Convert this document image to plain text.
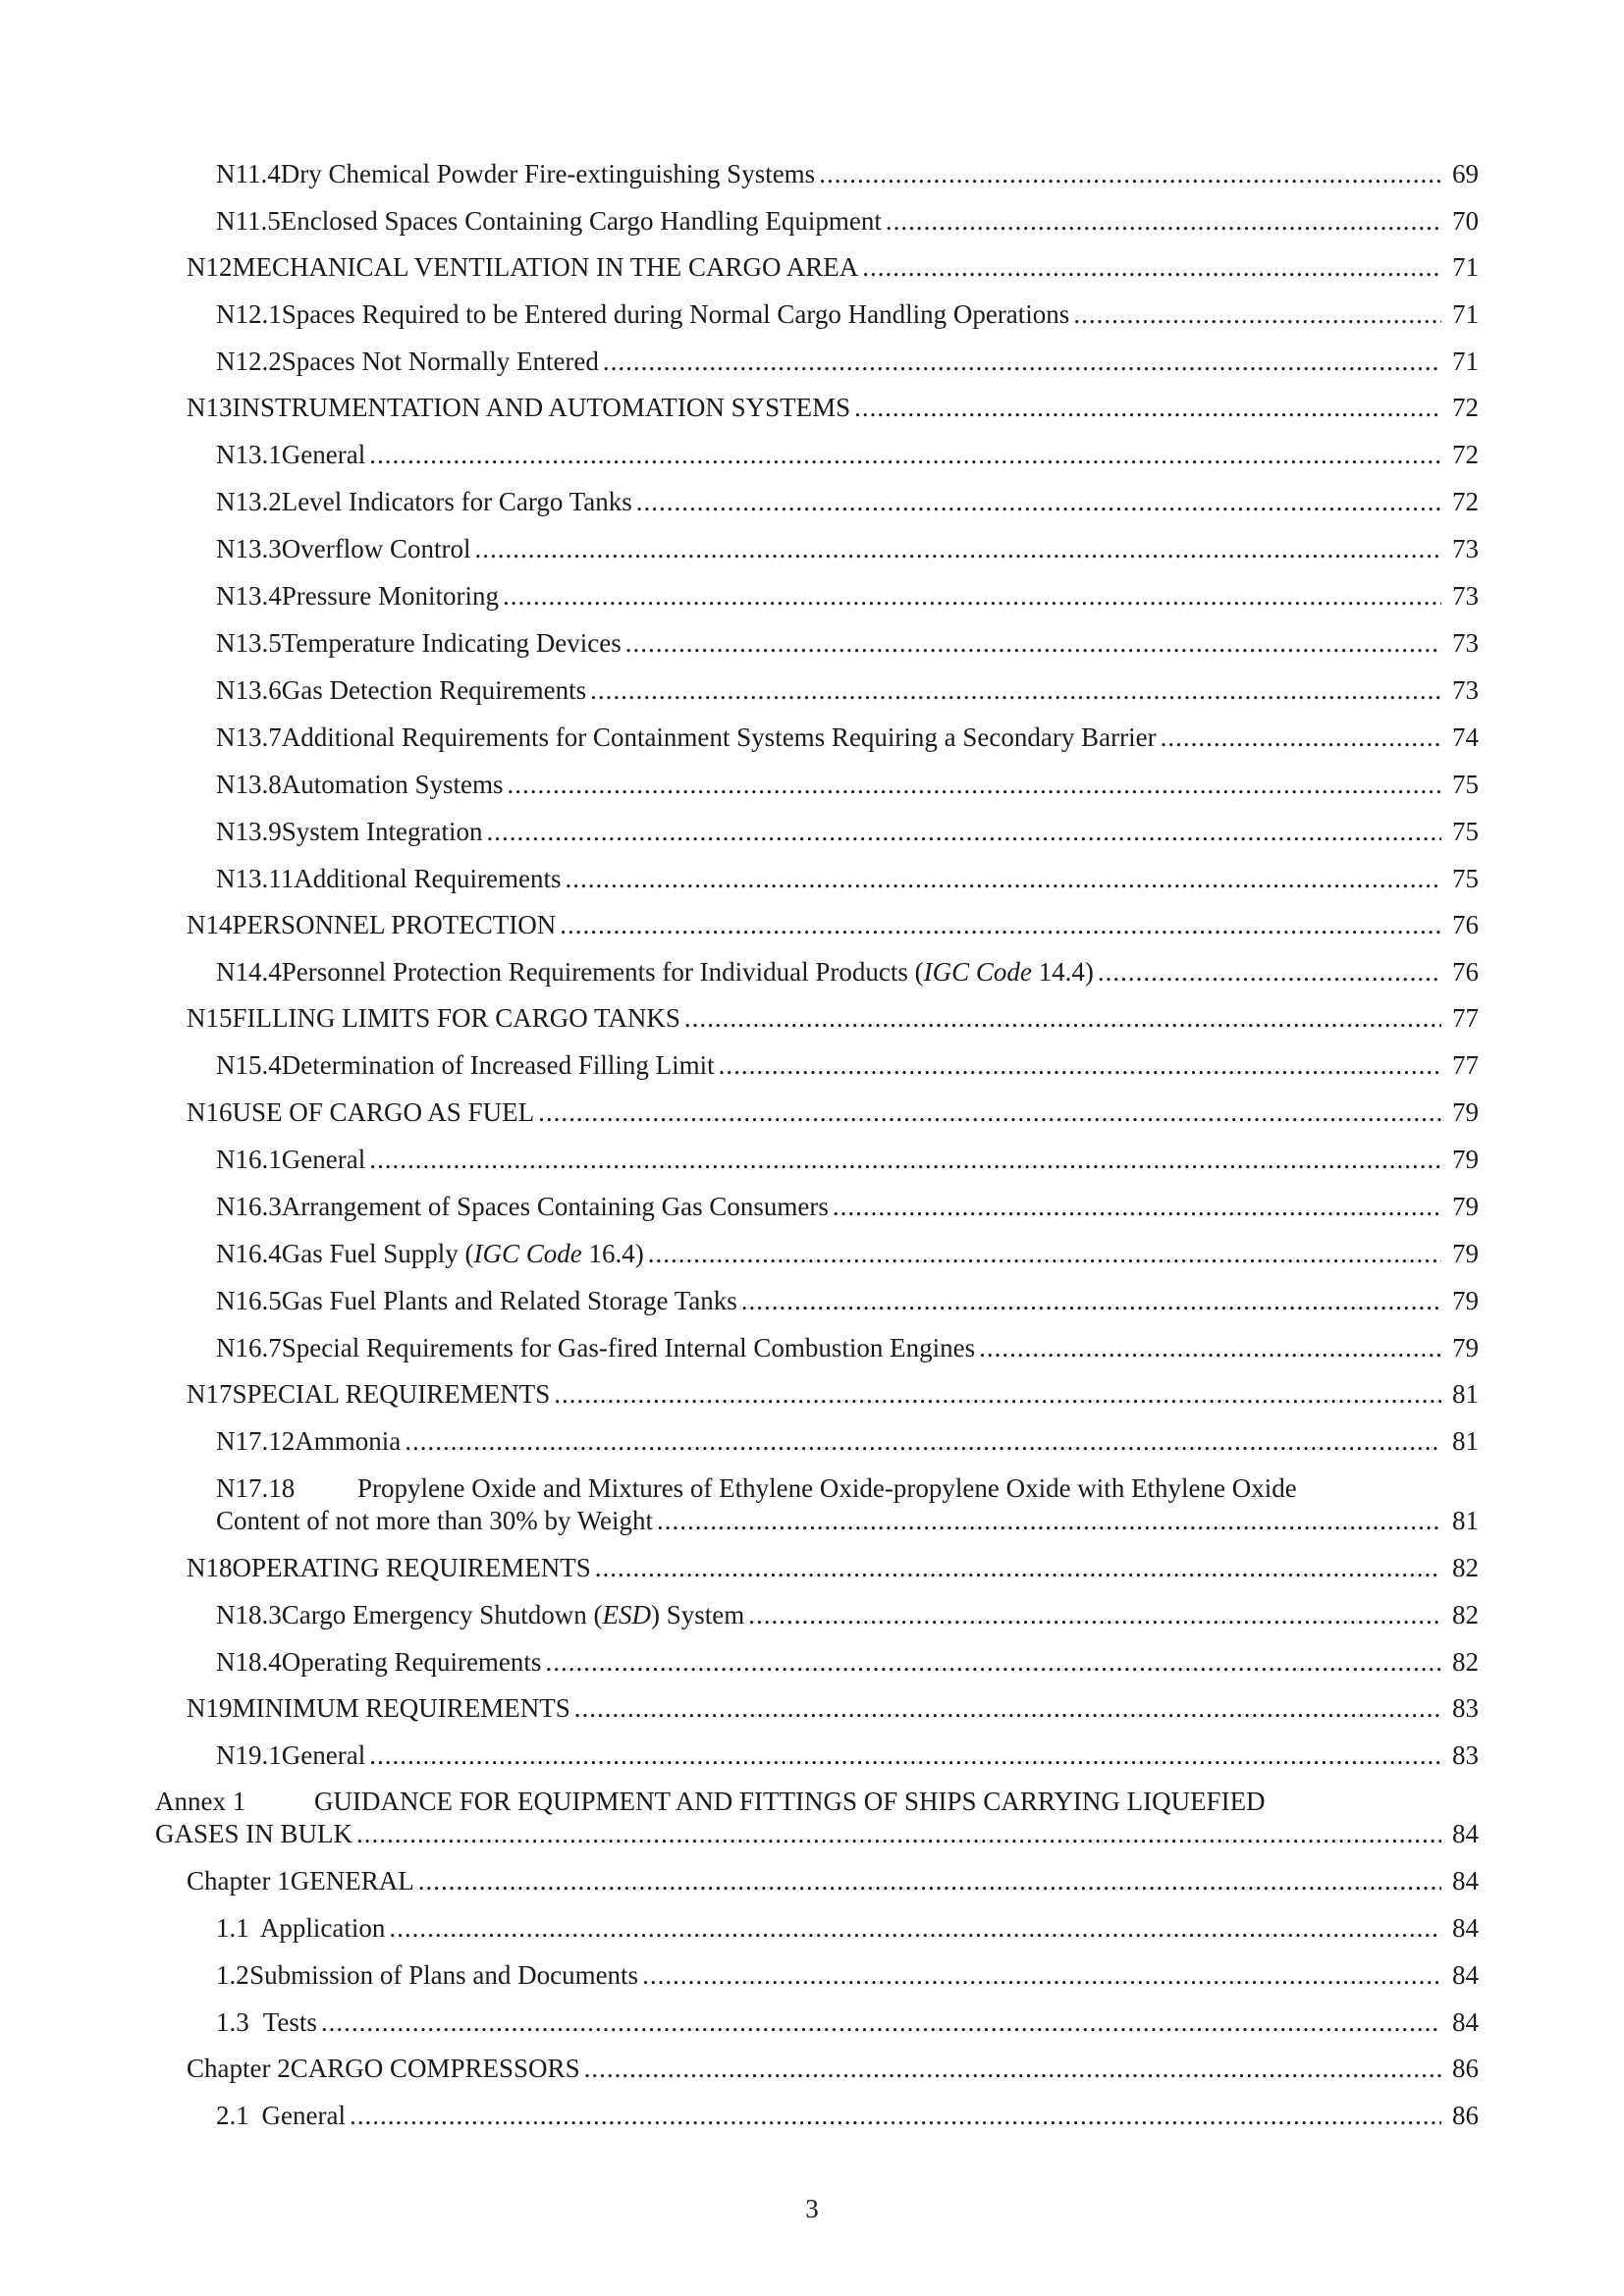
N11.4 Dry Chemical Powder Fire-extinguishing Systems .....	69
N11.5 Enclosed Spaces Containing Cargo Handling Equipment .....	70
N12 MECHANICAL VENTILATION IN THE CARGO AREA .....	71
N12.1 Spaces Required to be Entered during Normal Cargo Handling Operations .....	71
N12.2 Spaces Not Normally Entered .....	71
N13 INSTRUMENTATION AND AUTOMATION SYSTEMS .....	72
N13.1 General .....	72
N13.2 Level Indicators for Cargo Tanks .....	72
N13.3 Overflow Control .....	73
N13.4 Pressure Monitoring .....	73
N13.5 Temperature Indicating Devices .....	73
N13.6 Gas Detection Requirements .....	73
N13.7 Additional Requirements for Containment Systems Requiring a Secondary Barrier .....	74
N13.8 Automation Systems .....	75
N13.9 System Integration .....	75
N13.11 Additional Requirements .....	75
N14 PERSONNEL PROTECTION .....	76
N14.4 Personnel Protection Requirements for Individual Products (IGC Code 14.4) .....	76
N15 FILLING LIMITS FOR CARGO TANKS .....	77
N15.4 Determination of Increased Filling Limit .....	77
N16 USE OF CARGO AS FUEL .....	79
N16.1 General .....	79
N16.3 Arrangement of Spaces Containing Gas Consumers .....	79
N16.4 Gas Fuel Supply (IGC Code 16.4) .....	79
N16.5 Gas Fuel Plants and Related Storage Tanks .....	79
N16.7 Special Requirements for Gas-fired Internal Combustion Engines .....	79
N17 SPECIAL REQUIREMENTS .....	81
N17.12 Ammonia .....	81
N17.18	Propylene Oxide and Mixtures of Ethylene Oxide-propylene Oxide with Ethylene Oxide
Content of not more than 30% by Weight .....	81
N18 OPERATING REQUIREMENTS .....	82
N18.3 Cargo Emergency Shutdown (ESD) System .....	82
N18.4 Operating Requirements .....	82
N19 MINIMUM REQUIREMENTS .....	83
N19.1 General .....	83
Annex 1	GUIDANCE FOR EQUIPMENT AND FITTINGS OF SHIPS CARRYING LIQUEFIED
GASES IN BULK .....	84
Chapter 1 GENERAL .....	84
1.1 Application .....	84
1.2 Submission of Plans and Documents .....	84
1.3 Tests .....	84
Chapter 2 CARGO COMPRESSORS .....	86
2.1 General .....	86
3
